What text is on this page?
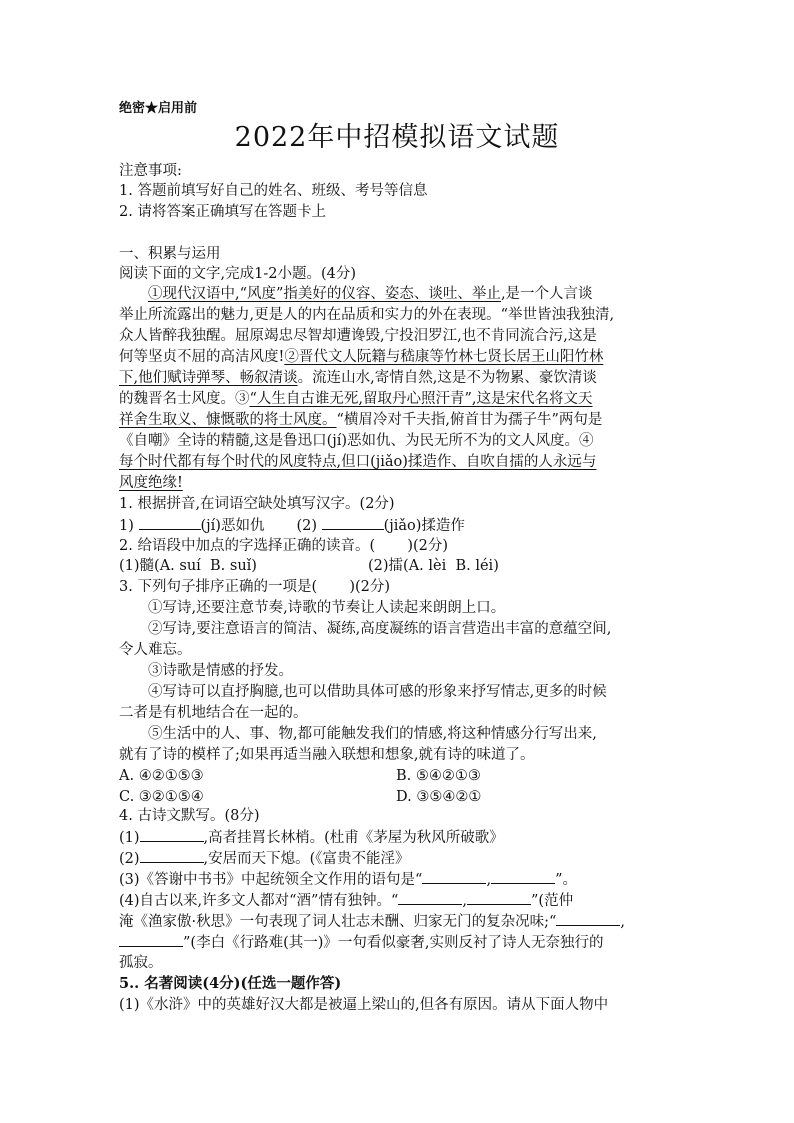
绝密★启用前
2022年中招模拟语文试题
注意事项:
1. 答题前填写好自己的姓名、班级、考号等信息
2. 请将答案正确填写在答题卡上
一、积累与运用
阅读下面的文字,完成1-2小题。(4分)
①现代汉语中,“风度”指美好的仪容、姿态、谈吐、举止,是一个人言谈
举止所流露出的魅力,更是人的内在品质和实力的外在表现。“举世皆浊我独清,
众人皆醉我独醒。屈原竭忠尽智却遭谗毁,宁投汨罗江,也不肯同流合污,这是
何等坚贞不屈的高洁风度!②晋代文人阮籍与嵇康等竹林七贤长居王山阳竹林
下,他们赋诗弹琴、畅叙清谈。流连山水,寄情自然,这是不为物累、豪饮清谈
的魏晋名士风度。③“人生自古谁无死,留取丹心照汗青”,这是宋代名将文天
祥舍生取义、慷慨歌的将士风度。“横眉冷对千夫指,俯首甘为孺子牛”两句是
《自嘲》全诗的精髓,这是鲁迅口(jí)恶如仇、为民无所不为的文人风度。④
每个时代都有每个时代的风度特点,但口(jiǎo)揉造作、自吹自擂的人永远与
风度绝缘!
1. 根据拼音,在词语空缺处填写汉字。(2分)
1)	(jí)恶如仇 (2)	(jiǎo)揉造作
2. 给语段中加点的字选择正确的读音。(       )(2分)
(1)髓(A. suí  B. suǐ)	(2)擂(A. lèi  B. léi)
3. 下列句子排序正确的一项是(       )(2分)
①写诗,还要注意节奏,诗歌的节奏让人读起来朗朗上口。
②写诗,要注意语言的简洁、凝练,高度凝练的语言营造出丰富的意蕴空间,
令人难忘。
③诗歌是情感的抒发。
④写诗可以直抒胸臆,也可以借助具体可感的形象来抒写情志,更多的时候
二者是有机地结合在一起的。
⑤生活中的人、事、物,都可能触发我们的情感,将这种情感分行写出来,
就有了诗的模样了;如果再适当融入联想和想象,就有诗的味道了。
A. ④②①⑤③	B. ⑤④②①③
C. ③②①⑤④	D. ③⑤④②①
4. 古诗文默写。(8分)
(1)	,高者挂罥长林梢。(杜甫《茅屋为秋风所破歌》
(2)	,安居而天下熄。(《富贵不能淫》
(3)《答谢中书书》中起统领全文作用的语句是“	,	”。
(4)自古以来,许多文人都对“酒”情有独钟。“	,	”(范仲
淹《渔家傲·秋思》一句表现了词人壮志未酬、归家无门的复杂况味;“	,
”(李白《行路难(其一)》一句看似豪奢,实则反衬了诗人无奈独行的
孤寂。
5.. 名著阅读(4分)(任选一题作答)
(1)《水浒》中的英雄好汉大都是被逼上梁山的,但各有原因。请从下面人物中
